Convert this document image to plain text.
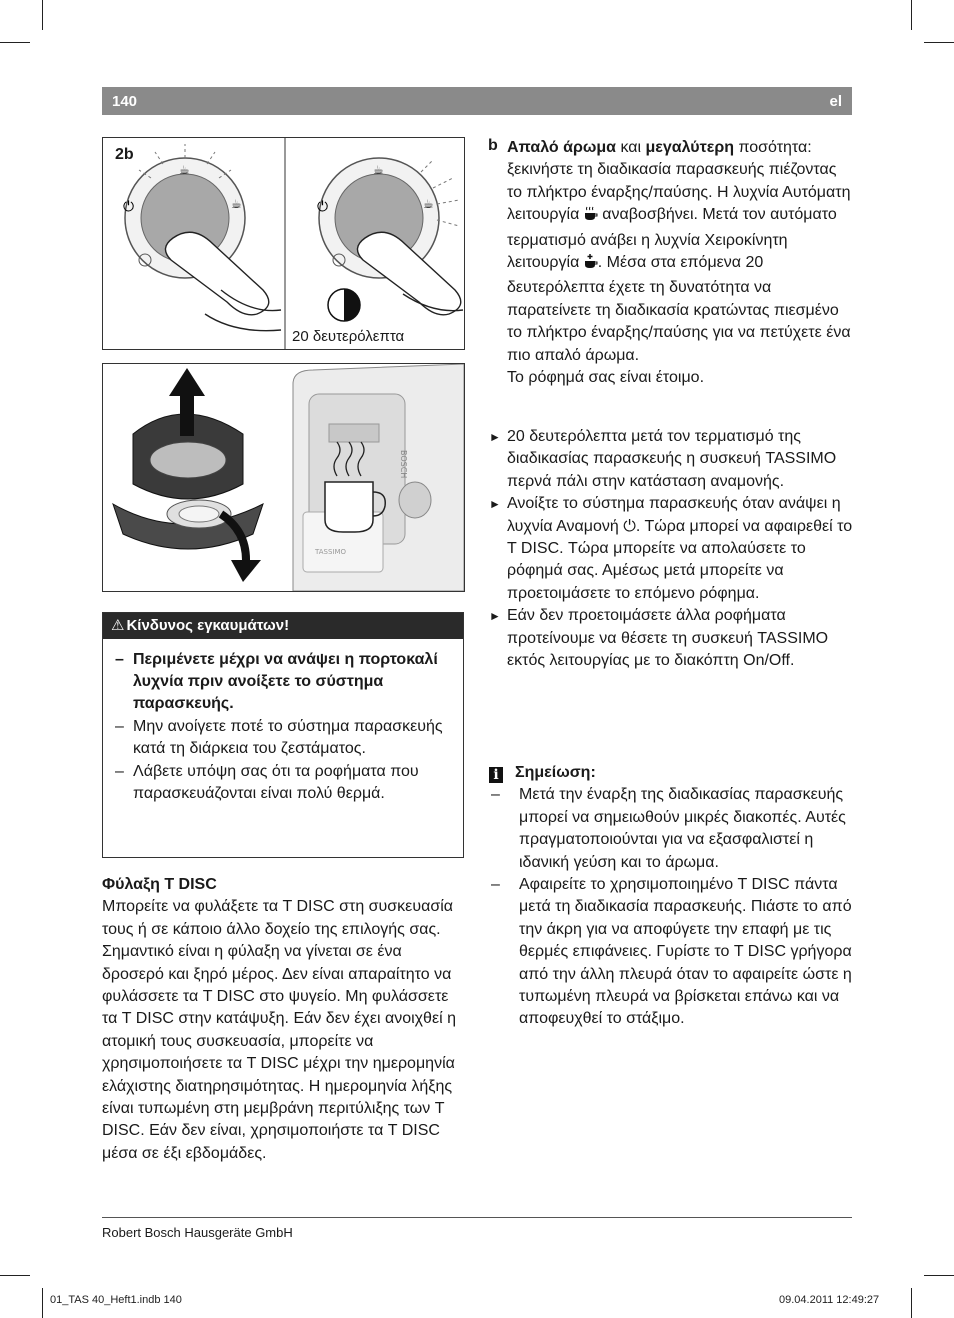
140	el
☕
⏻	☕
☕
⏻	☕
2b
20 δευτερόλεπτα
BOSCH
TASSIMO
⚠ Κίνδυνος εγκαυμάτων!
– Περιμένετε μέχρι να ανάψει η πορτοκαλί λυχνία πριν ανοίξετε το σύστημα παρασκευής.
– Μην ανοίγετε ποτέ το σύστημα παρασκευής κατά τη διάρκεια του ζεστάματος.
– Λάβετε υπόψη σας ότι τα ροφήματα που παρασκευάζονται είναι πολύ θερμά.

Φύλαξη T DISC

Μπορείτε να φυλάξετε τα T DISC στη συσκευασία τους ή σε κάποιο άλλο δοχείο της επιλογής σας. Σημαντικό είναι η φύλαξη να γίνεται σε ένα δροσερό και ξηρό μέρος. Δεν είναι απαραίτητο να φυλάσσετε τα T DISC στο ψυγείο. Μη φυλάσσετε τα T DISC στην κατάψυξη. Εάν δεν έχει ανοιχθεί η ατομική τους συσκευασία, μπορείτε να χρησιμοποιήσετε τα T DISC μέχρι την ημερομηνία ελάχιστης διατηρησιμότητας. Η ημερομηνία λήξης είναι τυπωμένη στη μεμβράνη περιτύλιξης των T DISC. Εάν δεν είναι, χρησιμοποιήστε τα T DISC μέσα σε έξι εβδομάδες.

b Απαλό άρωμα και μεγαλύτερη ποσότητα: ξεκινήστε τη διαδικασία παρασκευής πιέζοντας το πλήκτρο έναρξης/παύσης. Η λυχνία Αυτόματη λειτουργία  αναβοσβήνει. Μετά τον αυτόματο τερματισμό ανάβει η λυχνία Χειροκίνητη λειτουργία . Μέσα στα επόμενα 20 δευτερόλεπτα έχετε τη δυνατότητα να παρατείνετε τη διαδικασία κρατώντας πιεσμένο το πλήκτρο έναρξης/παύσης για να πετύχετε ένα πιο απαλό άρωμα.

Το ρόφημά σας είναι έτοιμο.

► 20 δευτερόλεπτα μετά τον τερματισμό της διαδικασίας παρασκευής η συσκευή TASSIMO περνά πάλι στην κατάσταση αναμονής.

► Ανοίξτε το σύστημα παρασκευής όταν ανάψει η λυχνία Αναμονή ⏻. Τώρα μπορεί να αφαιρεθεί το T DISC. Τώρα μπορείτε να απολαύσετε το ρόφημά σας. Αμέσως μετά μπορείτε να προετοιμάσετε το επόμενο ρόφημα.

► Εάν δεν προετοιμάσετε άλλα ροφήματα προτείνουμε να θέσετε τη συσκευή TASSIMO εκτός λειτουργίας με το διακόπτη On/Off.

i Σημείωση:

– Μετά την έναρξη της διαδικασίας παρασκευής μπορεί να σημειωθούν μικρές διακοπές. Αυτές πραγματοποιούνται για να εξασφαλιστεί η ιδανική γεύση και το άρωμα.

– Αφαιρείτε το χρησιμοποιημένο T DISC πάντα μετά τη διαδικασία παρασκευής. Πιάστε το από την άκρη για να αποφύγετε την επαφή με τις θερμές επιφάνειες. Γυρίστε το T DISC γρήγορα από την άλλη πλευρά όταν το αφαιρείτε ώστε η τυπωμένη πλευρά να βρίσκεται επάνω και να αποφευχθεί το στάξιμο.

Robert Bosch Hausgeräte GmbH
01_TAS 40_Heft1.indb 140	09.04.2011 12:49:27
